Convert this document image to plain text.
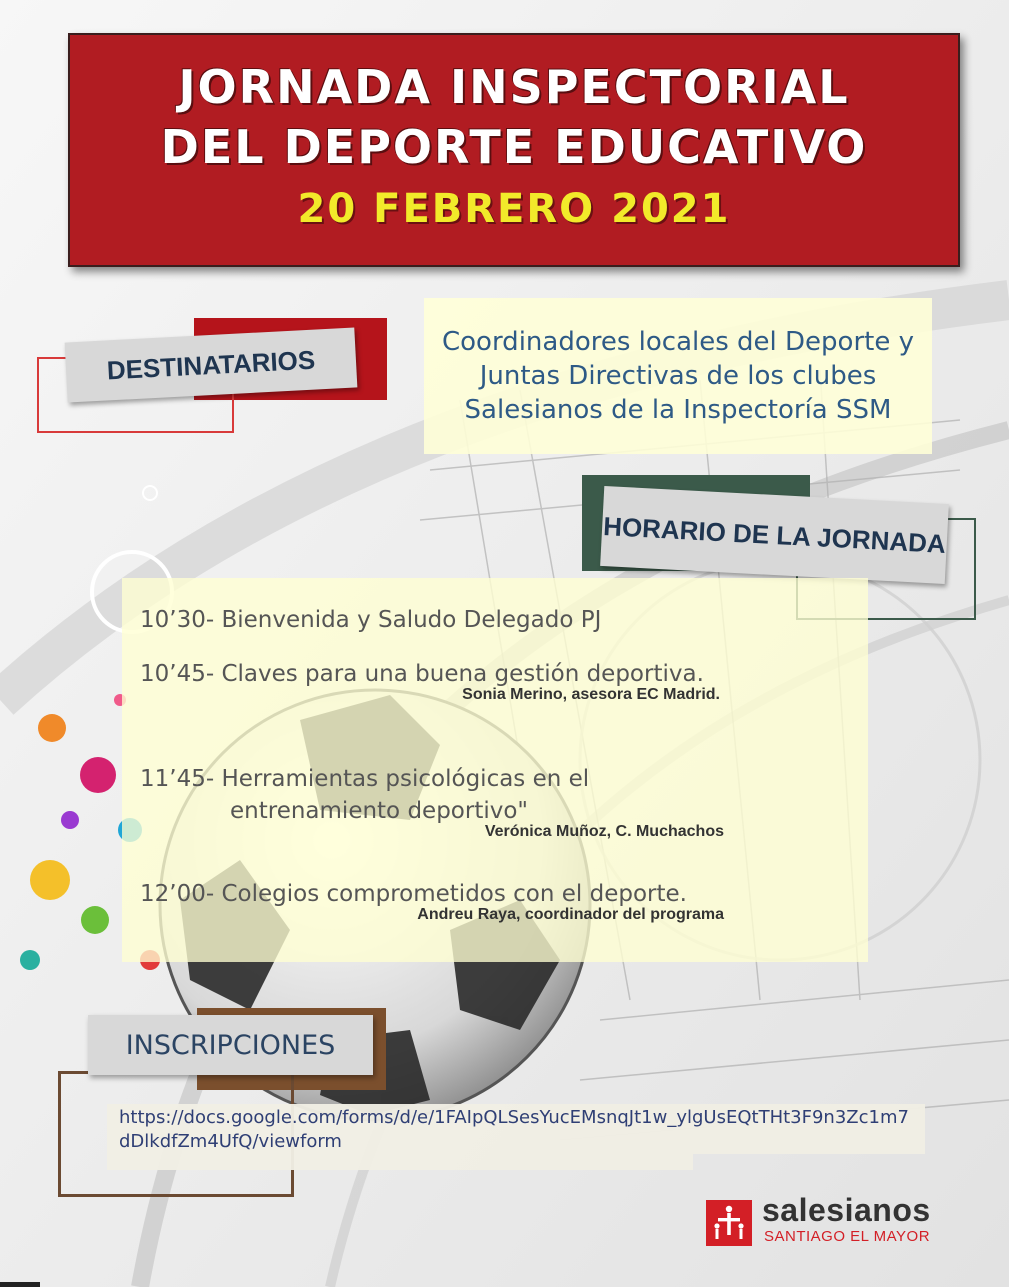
JORNADA INSPECTORIAL
DEL DEPORTE EDUCATIVO
20 FEBRERO 2021
DESTINATARIOS
Coordinadores locales del Deporte y Juntas Directivas de los clubes Salesianos de la Inspectoría SSM
HORARIO DE LA JORNADA
10’30- Bienvenida y Saludo Delegado PJ
10’45- Claves para una buena gestión deportiva.
Sonia Merino, asesora EC Madrid.
11’45- Herramientas psicológicas en el
entrenamiento deportivo"
Verónica Muñoz, C. Muchachos
12’00- Colegios comprometidos con el deporte.
Andreu Raya, coordinador del programa
INSCRIPCIONES
https://docs.google.com/forms/d/e/1FAIpQLSesYucEMsnqJt1w_ylgUsEQtTHt3F9n3Zc1m7dDlkdfZm4UfQ/viewform
salesianos
SANTIAGO EL MAYOR
